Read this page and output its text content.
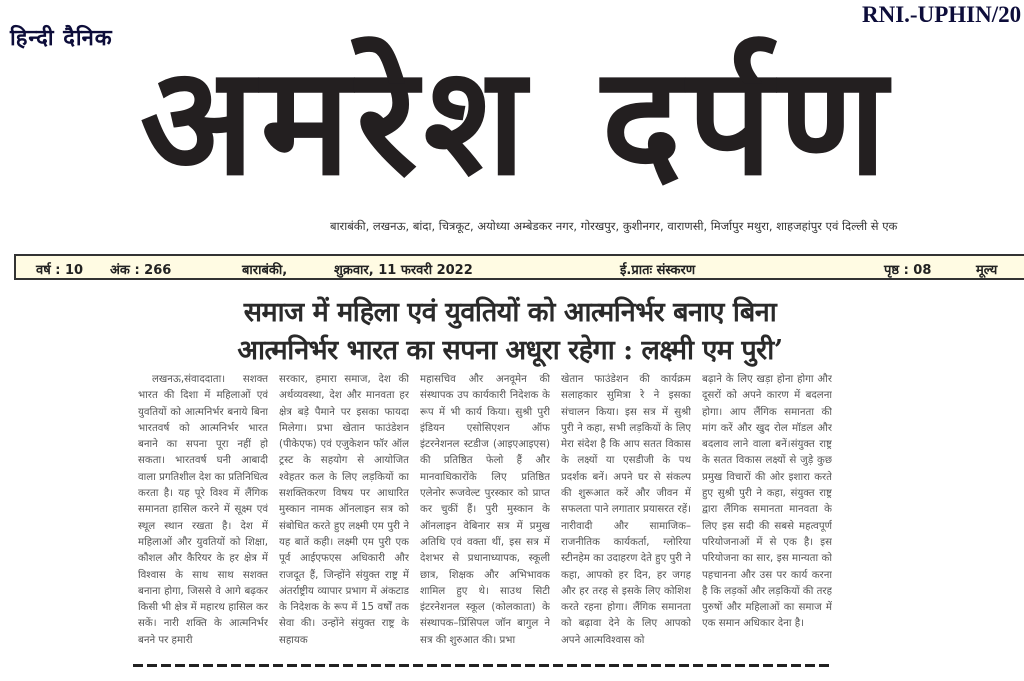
हिन्दी दैनिक
RNI.-UPHIN/20
अमरेश दर्पण
बाराबंकी, लखनऊ, बांदा, चित्रकूट, अयोध्या अम्बेडकर नगर, गोरखपुर, कुशीनगर, वाराणसी, मिर्जापुर मथुरा, शाहजहांपुर एवं दिल्ली से एक
वर्ष : 10 अंक : 266	बाराबंकी,	शुक्रवार, 11 फरवरी 2022	ई.प्रातः संस्करण	पृष्ठ : 08	मूल्य
समाज में महिला एवं युवतियों को आत्मनिर्भर बनाए बिना
आत्मनिर्भर भारत का सपना अधूरा रहेगा : लक्ष्मी एम पुरी’

लखनऊ,संवाददाता। सशक्त भारत की दिशा में महिलाओं एवं युवतियों को आत्मनिर्भर बनाये बिना भारतवर्ष को आत्मनिर्भर भारत बनाने का सपना पूरा नहीं हो सकता। भारतवर्ष घनी आबादी वाला प्रगतिशील देश का प्रतिनिधित्व करता है। यह पूरे विश्व में लैंगिक समानता हासिल करने में सूक्ष्म एवं स्थूल स्थान रखता है। देश में महिलाओं और युवतियों को शिक्षा, कौशल और कैरियर के हर क्षेत्र में विश्वास के साथ साथ सशक्त बनाना होगा, जिससे वे आगे बढ़कर किसी भी क्षेत्र में महारथ हासिल कर सकें। नारी शक्ति के आत्मनिर्भर बनने पर हमारी

सरकार, हमारा समाज, देश की अर्थव्यवस्था, देश और मानवता हर क्षेत्र बड़े पैमाने पर इसका फायदा मिलेगा। प्रभा खेतान फाउंडेशन (पीकेएफ) एवं एजुकेशन फॉर ऑल ट्रस्ट के सहयोग से आयोजित श्वेहतर कल के लिए लड़कियों का सशक्तिकरण विषय पर आधारित मुस्कान नामक ऑनलाइन सत्र को संबोधित करते हुए लक्ष्मी एम पुरी ने यह बातें कही। लक्ष्मी एम पुरी एक पूर्व आईएफएस अधिकारी और राजदूत हैं, जिन्होंने संयुक्त राष्ट्र में अंतर्राष्ट्रीय व्यापार प्रभाग में अंकटाड के निदेशक के रूप में 15 वर्षों तक सेवा की। उन्होंने संयुक्त राष्ट्र के सहायक

महासचिव और अनवूमेन की संस्थापक उप कार्यकारी निदेशक के रूप में भी कार्य किया। सुश्री पुरी इंडियन एसोसिएशन ऑफ इंटरनेशनल स्टडीज (आइएआइएस) की प्रतिष्ठित फेलो हैं और मानवाधिकारोंके लिए प्रतिष्ठित एलेनोर रूजवेल्ट पुरस्कार को प्राप्त कर चुकीं हैं। पुरी मुस्कान के ऑनलाइन वेबिनार सत्र में प्रमुख अतिथि एवं वक्ता थीं, इस सत्र में देशभर से प्रधानाध्यापक, स्कूली छात्र, शिक्षक और अभिभावक शामिल हुए थे। साउथ सिटी इंटरनेशनल स्कूल (कोलकाता) के संस्थापक–प्रिंसिपल जॉन बागुल ने सत्र की शुरुआत की। प्रभा

खेतान फाउंडेशन की कार्यक्रम सलाहकार सुमित्रा रे ने इसका संचालन किया। इस सत्र में सुश्री पुरी ने कहा, सभी लड़कियों के लिए मेरा संदेश है कि आप सतत विकास के लक्ष्यों या एसडीजी के पथ प्रदर्शक बनें। अपने घर से संकल्प की शुरूआत करें और जीवन में सफलता पाने लगातार प्रयासरत रहें। नारीवादी और सामाजिक–राजनीतिक कार्यकर्ता, ग्लोरिया स्टीनहेम का उदाहरण देते हुए पुरी ने कहा, आपको हर दिन, हर जगह और हर तरह से इसके लिए कोशिश करते रहना होगा। लैंगिक समानता को बढ़ावा देने के लिए आपको अपने आत्मविश्वास को

बढ़ाने के लिए खड़ा होना होगा और दूसरों को अपने कारण में बदलना होगा। आप लैंगिक समानता की मांग करें और खुद रोल मॉडल और बदलाव लाने वाला बनें।संयुक्त राष्ट्र के सतत विकास लक्ष्यों से जुड़े कुछ प्रमुख विचारों की ओर इशारा करते हुए सुश्री पुरी ने कहा, संयुक्त राष्ट्र द्वारा लैंगिक समानता मानवता के लिए इस सदी की सबसे महत्वपूर्ण परियोजनाओं में से एक है। इस परियोजना का सार, इस मान्यता को पहचानना और उस पर कार्य करना है कि लड़कों और लड़कियों की तरह पुरुषों और महिलाओं का समाज में एक समान अधिकार देना है।
